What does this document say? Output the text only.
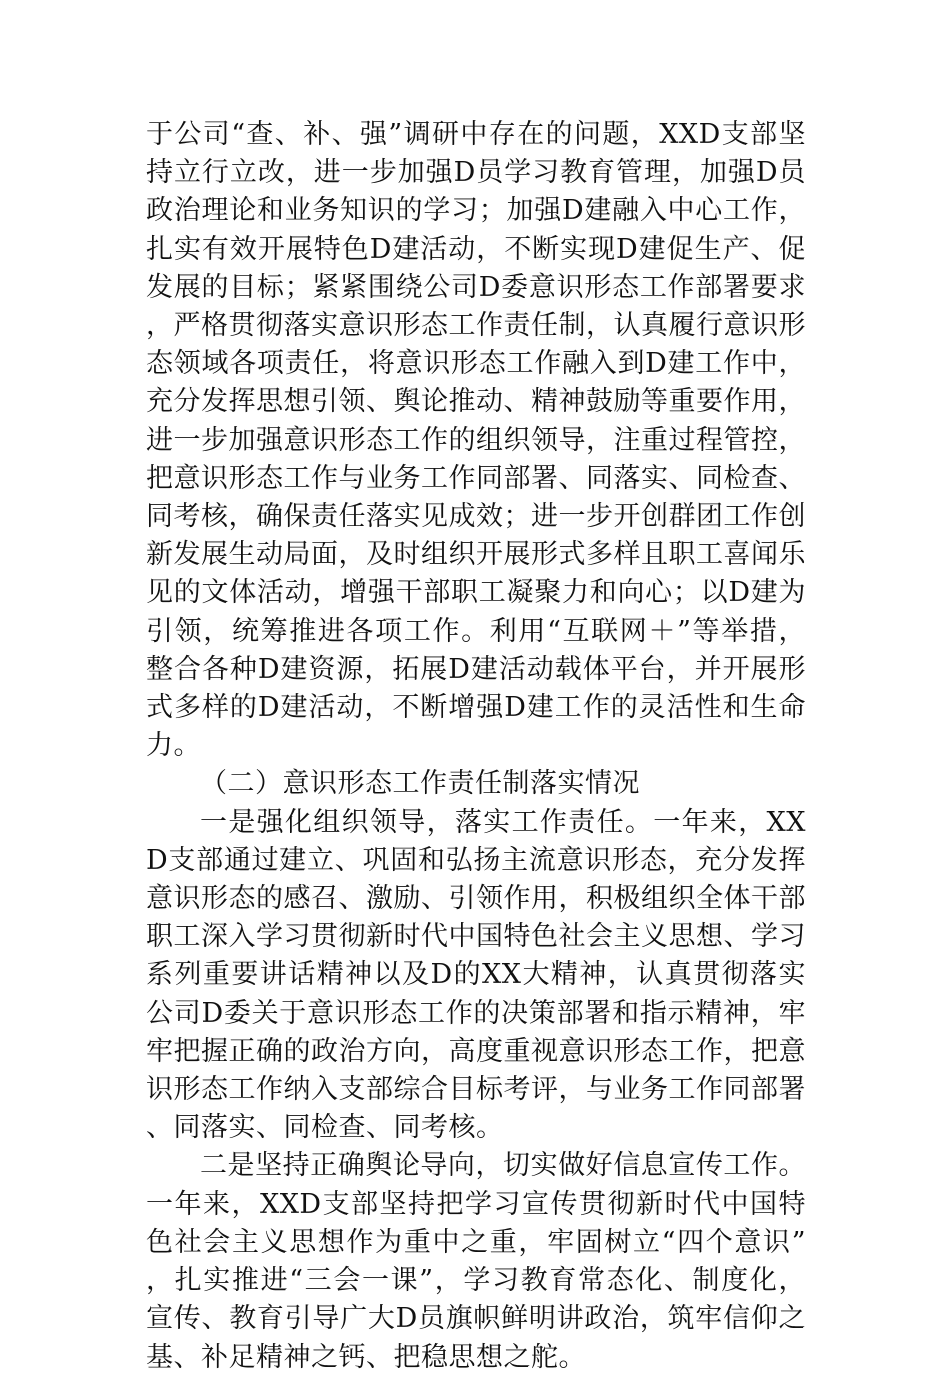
于公司“查、补、强”调研中存在的问题，XXD支部坚持立行立改，进一步加强D员学习教育管理，加强D员政治理论和业务知识的学习；加强D建融入中心工作，扎实有效开展特色D建活动，不断实现D建促生产、促发展的目标；紧紧围绕公司D委意识形态工作部署要求，严格贯彻落实意识形态工作责任制，认真履行意识形态领域各项责任，将意识形态工作融入到D建工作中，充分发挥思想引领、舆论推动、精神鼓励等重要作用，进一步加强意识形态工作的组织领导，注重过程管控，把意识形态工作与业务工作同部署、同落实、同检查、同考核，确保责任落实见成效；进一步开创群团工作创新发展生动局面，及时组织开展形式多样且职工喜闻乐见的文体活动，增强干部职工凝聚力和向心；以D建为引领，统筹推进各项工作。利用“互联网＋”等举措，整合各种D建资源，拓展D建活动载体平台，并开展形式多样的D建活动，不断增强D建工作的灵活性和生命力。

（二）意识形态工作责任制落实情况

一是强化组织领导，落实工作责任。一年来，XXD支部通过建立、巩固和弘扬主流意识形态，充分发挥意识形态的感召、激励、引领作用，积极组织全体干部职工深入学习贯彻新时代中国特色社会主义思想、学习系列重要讲话精神以及D的XX大精神，认真贯彻落实公司D委关于意识形态工作的决策部署和指示精神，牢牢把握正确的政治方向，高度重视意识形态工作，把意识形态工作纳入支部综合目标考评，与业务工作同部署、同落实、同检查、同考核。

二是坚持正确舆论导向，切实做好信息宣传工作。一年来，XXD支部坚持把学习宣传贯彻新时代中国特色社会主义思想作为重中之重，牢固树立“四个意识”，扎实推进“三会一课”，学习教育常态化、制度化，宣传、教育引导广大D员旗帜鲜明讲政治，筑牢信仰之基、补足精神之钙、把稳思想之舵。
